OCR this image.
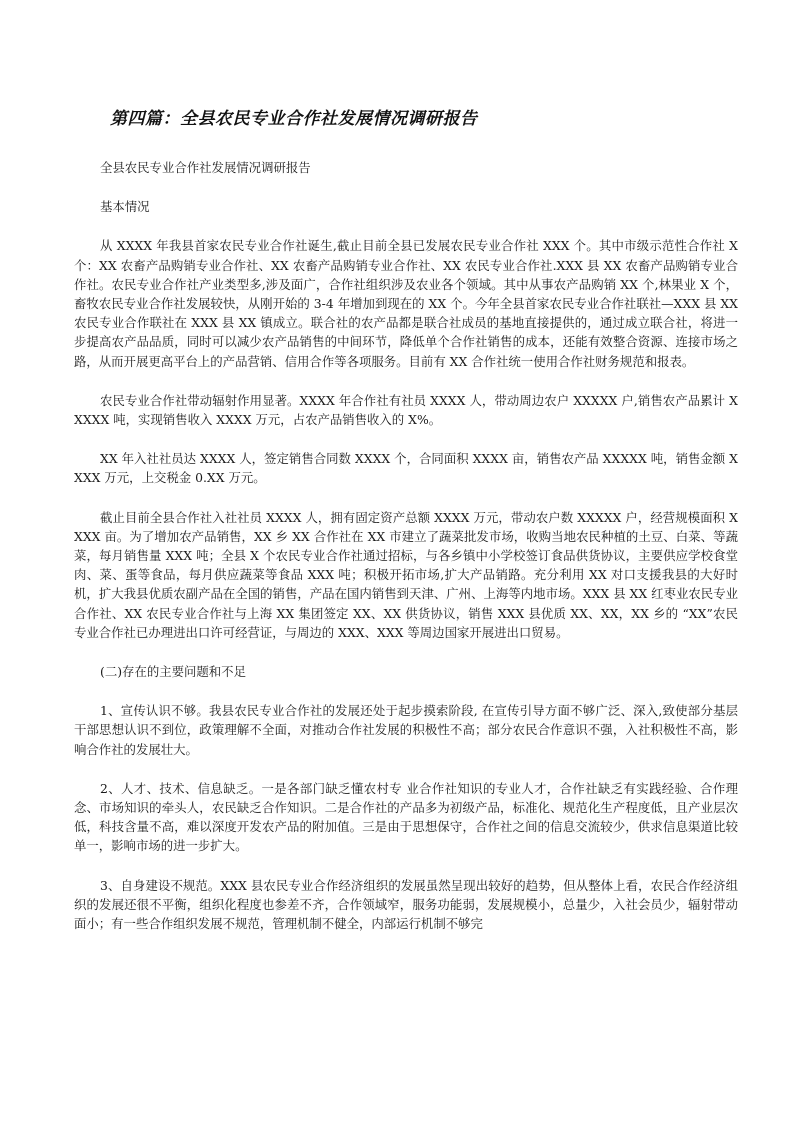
第四篇：全县农民专业合作社发展情况调研报告

全县农民专业合作社发展情况调研报告

基本情况

从 XXXX 年我县首家农民专业合作社诞生,截止目前全县已发展农民专业合作社 XXX 个。其中市级示范性合作社 X 个：XX 农畜产品购销专业合作社、XX 农畜产品购销专业合作社、XX 农民专业合作社.XXX 县 XX 农畜产品购销专业合作社。农民专业合作社产业类型多,涉及面广，合作社组织涉及农业各个领域。其中从事农产品购销 XX 个,林果业 X 个，畜牧农民专业合作社发展较快，从刚开始的 3-4 年增加到现在的 XX 个。今年全县首家农民专业合作社联社—XXX 县 XX 农民专业合作联社在 XXX 县 XX 镇成立。联合社的农产品都是联合社成员的基地直接提供的，通过成立联合社，将进一步提高农产品品质，同时可以减少农产品销售的中间环节，降低单个合作社销售的成本，还能有效整合资源、连接市场之路，从而开展更高平台上的产品营销、信用合作等各项服务。目前有 XX 合作社统一使用合作社财务规范和报表。

农民专业合作社带动辐射作用显著。XXXX 年合作社有社员 XXXX 人，带动周边农户 XXXXX 户,销售农产品累计 XXXXX 吨，实现销售收入 XXXX 万元，占农产品销售收入的 X%。

XX 年入社社员达 XXXX 人，签定销售合同数 XXXX 个，合同面积 XXXX 亩，销售农产品 XXXXX 吨，销售金额 XXXX 万元，上交税金 0.XX 万元。

截止目前全县合作社入社社员 XXXX 人，拥有固定资产总额 XXXX 万元，带动农户数 XXXXX 户，经营规模面积 XXXX 亩。为了增加农产品销售，XX 乡 XX 合作社在 XX 市建立了蔬菜批发市场，收购当地农民种植的土豆、白菜、等蔬菜，每月销售量 XXX 吨；全县 X 个农民专业合作社通过招标，与各乡镇中小学校签订食品供货协议，主要供应学校食堂肉、菜、蛋等食品，每月供应蔬菜等食品 XXX 吨；积极开拓市场,扩大产品销路。充分利用 XX 对口支援我县的大好时机，扩大我县优质农副产品在全国的销售，产品在国内销售到天津、广州、上海等内地市场。XXX 县 XX 红枣业农民专业合作社、XX 农民专业合作社与上海 XX 集团签定 XX、XX 供货协议，销售 XXX 县优质 XX、XX，XX 乡的 “XX”农民专业合作社已办理进出口许可经营证，与周边的 XXX、XXX 等周边国家开展进出口贸易。

(二)存在的主要问题和不足

1、宣传认识不够。我县农民专业合作社的发展还处于起步摸索阶段, 在宣传引导方面不够广泛、深入,致使部分基层干部思想认识不到位，政策理解不全面，对推动合作社发展的积极性不高；部分农民合作意识不强，入社积极性不高，影响合作社的发展壮大。

2、人才、技术、信息缺乏。一是各部门缺乏懂农村专 业合作社知识的专业人才，合作社缺乏有实践经验、合作理念、市场知识的牵头人，农民缺乏合作知识。二是合作社的产品多为初级产品，标准化、规范化生产程度低，且产业层次低，科技含量不高，难以深度开发农产品的附加值。三是由于思想保守，合作社之间的信息交流较少，供求信息渠道比较单一，影响市场的进一步扩大。

3、自身建设不规范。XXX 县农民专业合作经济组织的发展虽然呈现出较好的趋势，但从整体上看，农民合作经济组织的发展还很不平衡，组织化程度也参差不齐，合作领域窄，服务功能弱，发展规模小，总量少，入社会员少，辐射带动面小；有一些合作组织发展不规范，管理机制不健全，内部运行机制不够完
